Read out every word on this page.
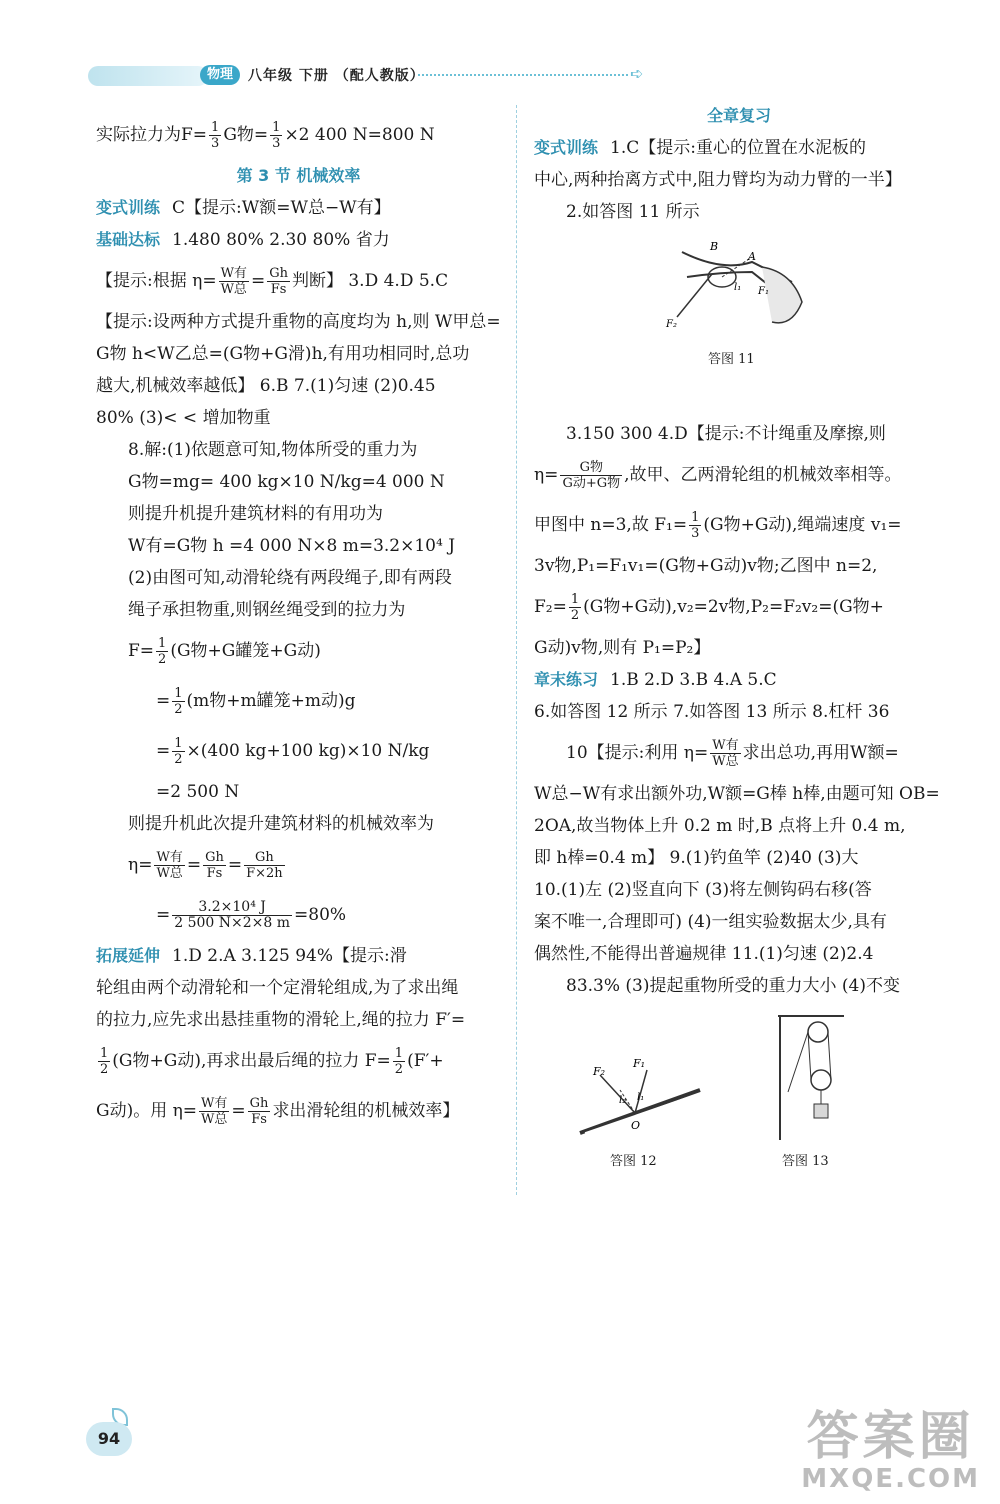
物理	八年级 下册 （配人教版）	➪
实际拉力为$F= \frac{1}{3}$ G物= $\frac{1}{3} \times 2$ 400 N=800 N
第 3 节 机械效率
变式训练 C【提示:W额=W总−W有】
基础达标 1.480 80% 2.30 80% 省力
【提示:根据 $\eta= \frac{\text{W有}}{\text{W总}} = \frac{Gh}{Fs}$ 判断】 3.D 4.D 5.C
【提示:设两种方式提升重物的高度均为 h,则 W甲总=
G物 h<W乙总=(G物+G滑)h,有用功相同时,总功
越大,机械效率越低】 6.B 7.(1)匀速 (2)0.45
80% (3)< < 增加物重
8.解:(1)依题意可知,物体所受的重力为
G物=mg= 400 kg×10 N/kg=4 000 N
则提升机提升建筑材料的有用功为
W有=G物 h =4 000 N×8 m=3.2×10⁴ J
(2)由图可知,动滑轮绕有两段绳子,即有两段
绳子承担物重,则钢丝绳受到的拉力为
$F= \frac{1}{2} (G$物+G罐笼+G动)
= $\frac{1}{2} (m$物+m罐笼+m动)g
= $\frac{1}{2} \times(400$ kg+100 kg)×10 N/kg
=2 500 N
则提升机此次提升建筑材料的机械效率为
$\eta= \frac{\text{W有}}{\text{W总}} = \frac{Gh}{Fs} = \frac{Gh}{F\times 2h}$
= $\frac{\text{3.2×10⁴ J}}{2 500 N\times 2\times 8 m} =80\%$
拓展延伸 1.D 2.A 3.125 94%【提示:滑
轮组由两个动滑轮和一个定滑轮组成,为了求出绳
的拉力,应先求出悬挂重物的滑轮上,绳的拉力 F′=
$\frac{1}{2} (G$物+G动),再求出最后绳的拉力 $F= \frac{1}{2} (F'+$
G动)。用 $\eta= \frac{\text{W有}}{\text{W总}} = \frac{Gh}{Fs}$ 求出滑轮组的机械效率】
全章复习
变式训练 1.C【提示:重心的位置在水泥板的
中心,两种抬离方式中,阻力臂均为动力臂的一半】
2.如答图 11 所示
3.150 300 4.D【提示:不计绳重及摩擦,则
$\eta= \frac{\text{G物}}{\text{G动+G物}}$ ,故甲、乙两滑轮组的机械效率相等。
甲图中 n=3,故 $F_1= \frac{1}{3} (G$物+G动),绳端速度 v₁=
3v物,P₁=F₁v₁=(G物+G动)v物;乙图中 n=2,
$F_2= \frac{1}{2} (G$物+G动),v₂=2v物,P₂=F₂v₂=(G物+
G动)v物,则有 P₁=P₂】
章末练习 1.B 2.D 3.B 4.A 5.C
6.如答图 12 所示 7.如答图 13 所示 8.杠杆 36
10【提示:利用 $\eta= \frac{\text{W有}}{\text{W总}}$ 求出总功,再用W额=
W总−W有求出额外功,W额=G棒 h棒,由题可知 OB=
2OA,故当物体上升 0.2 m 时,B 点将上升 0.4 m,
即 h棒=0.4 m】 9.(1)钓鱼竿 (2)40 (3)大
10.(1)左 (2)竖直向下 (3)将左侧钩码右移(答
案不唯一,合理即可) (4)一组实验数据太少,具有
偶然性,不能得出普遍规律 11.(1)匀速 (2)2.4
83.3% (3)提起重物所受的重力大小 (4)不变
B
A
l₁ F₁
F₂
答图 11
F₂
F₁
l₂ l₁
O
答图 12	答图 13
94	答案圈
MXQE.COM
